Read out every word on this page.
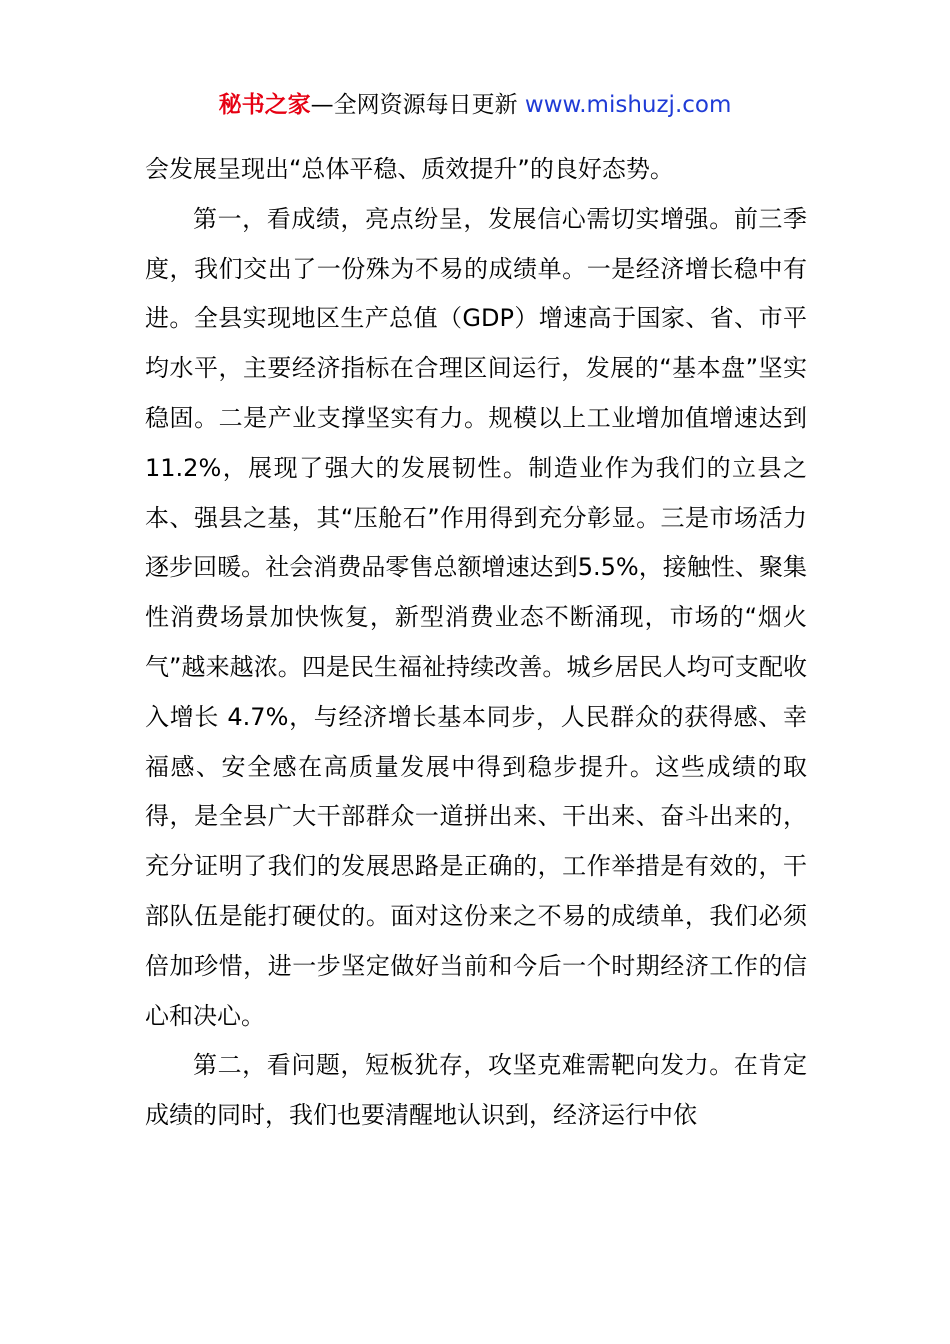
秘书之家—全网资源每日更新 www.mishuzj.com

会发展呈现出“总体平稳、质效提升”的良好态势。

第一，看成绩，亮点纷呈，发展信心需切实增强。前三季度，我们交出了一份殊为不易的成绩单。一是经济增长稳中有进。全县实现地区生产总值（GDP）增速高于国家、省、市平均水平，主要经济指标在合理区间运行，发展的“基本盘”坚实稳固。二是产业支撑坚实有力。规模以上工业增加值增速达到 11.2%，展现了强大的发展韧性。制造业作为我们的立县之本、强县之基，其“压舱石”作用得到充分彰显。三是市场活力逐步回暖。社会消费品零售总额增速达到5.5%，接触性、聚集性消费场景加快恢复，新型消费业态不断涌现，市场的“烟火气”越来越浓。四是民生福祉持续改善。城乡居民人均可支配收入增长 4.7%，与经济增长基本同步，人民群众的获得感、幸福感、安全感在高质量发展中得到稳步提升。这些成绩的取得，是全县广大干部群众一道拼出来、干出来、奋斗出来的，充分证明了我们的发展思路是正确的，工作举措是有效的，干部队伍是能打硬仗的。面对这份来之不易的成绩单，我们必须倍加珍惜，进一步坚定做好当前和今后一个时期经济工作的信心和决心。

第二，看问题，短板犹存，攻坚克难需靶向发力。在肯定成绩的同时，我们也要清醒地认识到，经济运行中依
